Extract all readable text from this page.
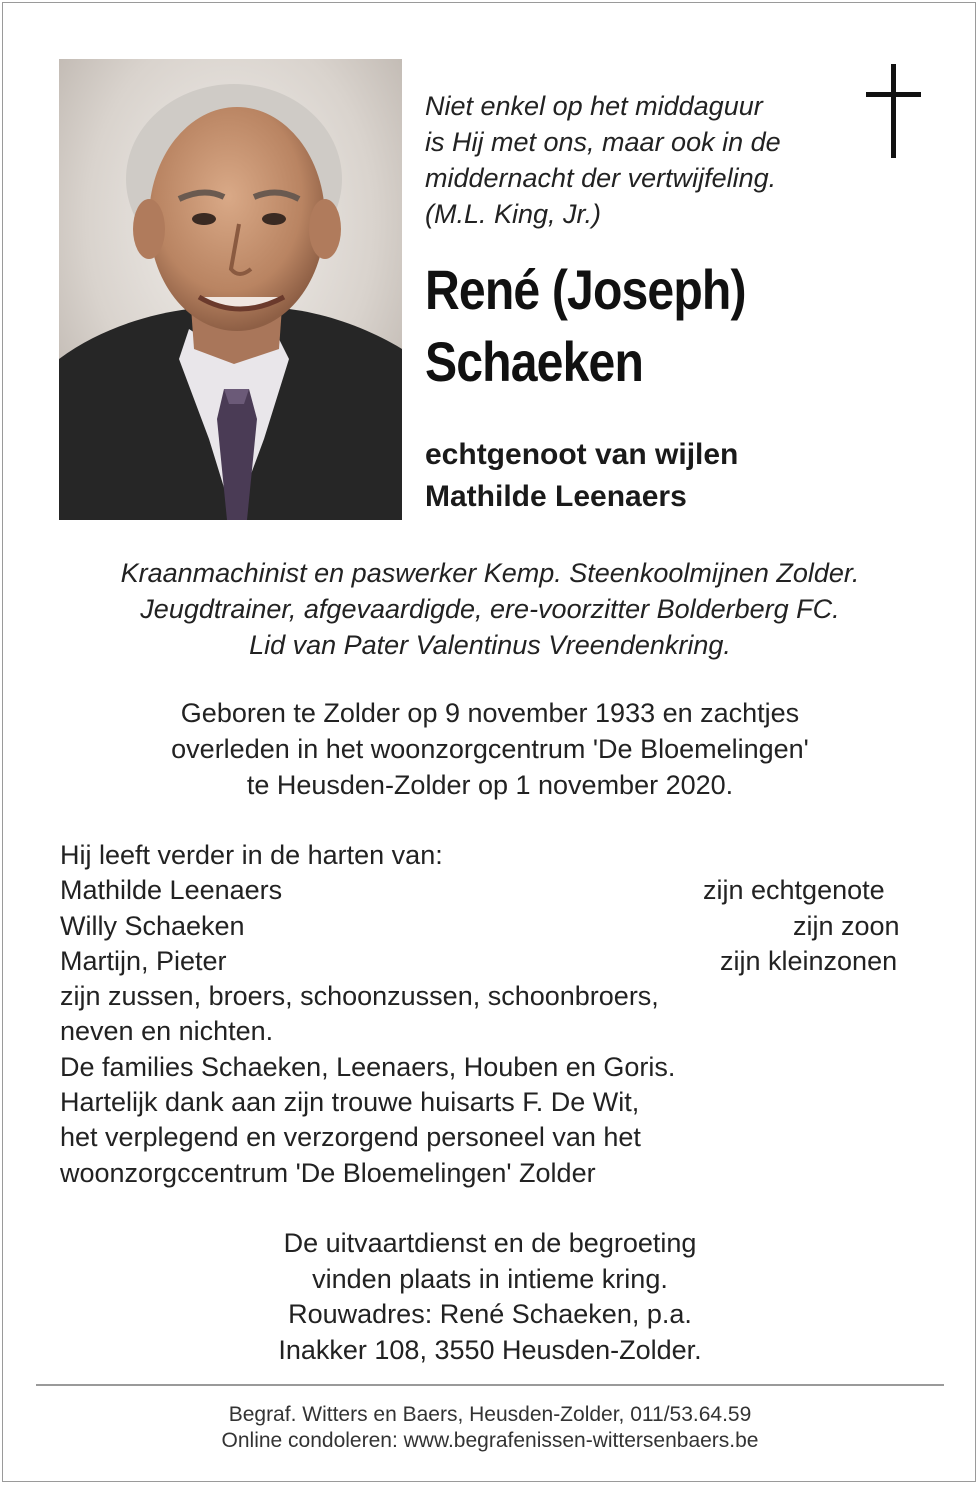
Niet enkel op het middaguur
is Hij met ons, maar ook in de
middernacht der vertwijfeling.
(M.L. King, Jr.)
René (Joseph)
Schaeken
echtgenoot van wijlen
Mathilde Leenaers
Kraanmachinist en paswerker Kemp. Steenkoolmijnen Zolder.
Jeugdtrainer, afgevaardigde, ere-voorzitter Bolderberg FC.
Lid van Pater Valentinus Vreendenkring.
Geboren te Zolder op 9 november 1933 en zachtjes
overleden in het woonzorgcentrum 'De Bloemelingen'
te Heusden-Zolder op 1 november 2020.
Hij leeft verder in de harten van:
Mathilde Leenaers	zijn echtgenote
Willy Schaeken	zijn zoon
Martijn, Pieter	zijn kleinzonen
zijn zussen, broers, schoonzussen, schoonbroers,
neven en nichten.
De families Schaeken, Leenaers, Houben en Goris.
Hartelijk dank aan zijn trouwe huisarts F. De Wit,
het verplegend en verzorgend personeel van het
woonzorgccentrum 'De Bloemelingen' Zolder
De uitvaartdienst en de begroeting
vinden plaats in intieme kring.
Rouwadres: René Schaeken, p.a.
Inakker 108, 3550 Heusden-Zolder.
Begraf. Witters en Baers, Heusden-Zolder, 011/53.64.59
Online condoleren: www.begrafenissen-wittersenbaers.be
